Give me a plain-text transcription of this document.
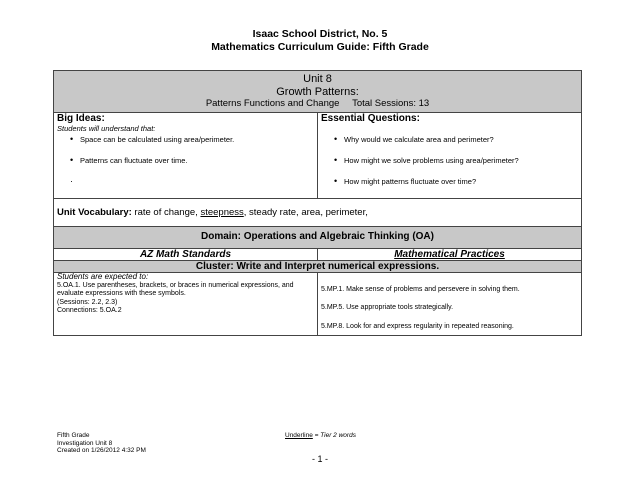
Isaac School District, No. 5
Mathematics Curriculum Guide: Fifth Grade
Unit 8
Growth Patterns:
Patterns Functions and Change Total Sessions: 13
Big Ideas:
Students will understand that:
• Space can be calculated using area/perimeter.
• Patterns can fluctuate over time.
Essential Questions:
• Why would we calculate area and perimeter?
• How might we solve problems using area/perimeter?
• How might patterns fluctuate over time?
Unit Vocabulary: rate of change, steepness, steady rate, area, perimeter,
Domain: Operations and Algebraic Thinking (OA)
AZ Math Standards	Mathematical Practices
Cluster: Write and Interpret numerical expressions.
Students are expected to:
5.OA.1. Use parentheses, brackets, or braces in numerical expressions, and evaluate expressions with these symbols.
(Sessions: 2.2, 2.3)
Connections: 5.OA.2
5.MP.1. Make sense of problems and persevere in solving them.
5.MP.5. Use appropriate tools strategically.
5.MP.8. Look for and express regularity in repeated reasoning.
Fifth Grade
Investigation Unit 8
Created on 1/26/2012 4:32 PM
Underline = Tier 2 words
- 1 -
